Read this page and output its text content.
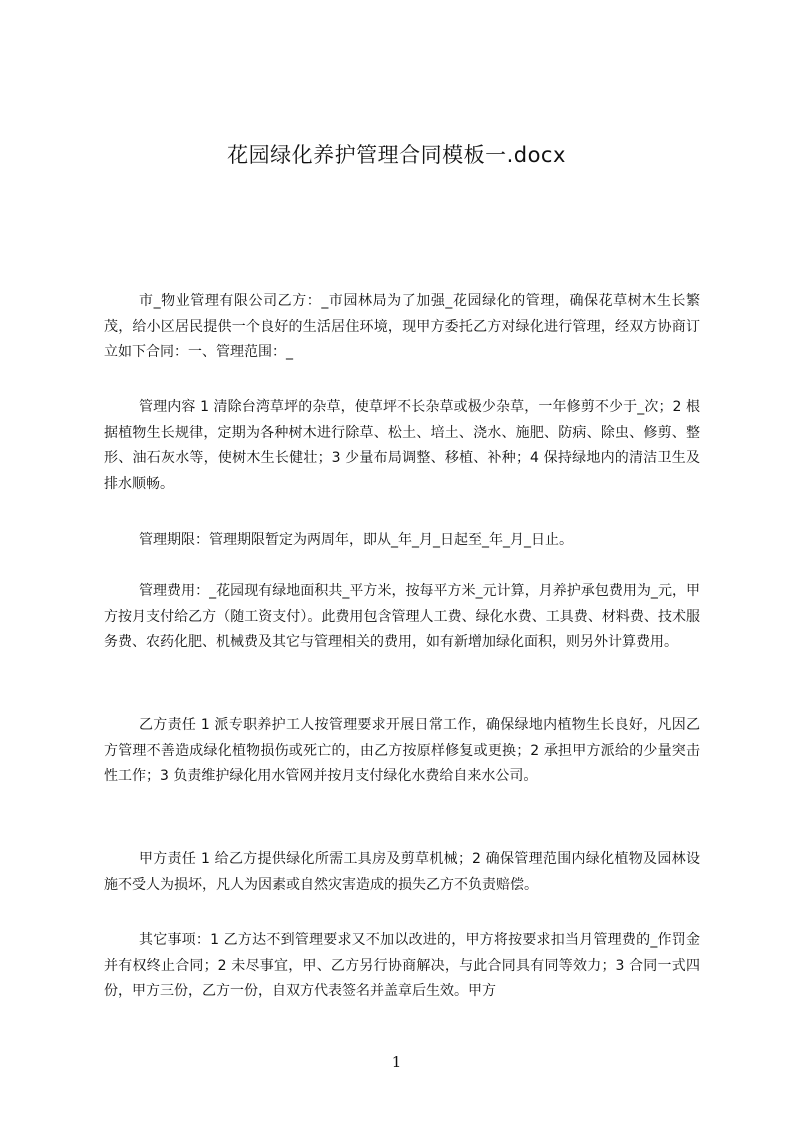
花园绿化养护管理合同模板一.docx

市_物业管理有限公司乙方：_市园林局为了加强_花园绿化的管理，确保花草树木生长繁茂，给小区居民提供一个良好的生活居住环境，现甲方委托乙方对绿化进行管理，经双方协商订立如下合同：一、管理范围：_

管理内容 1 清除台湾草坪的杂草，使草坪不长杂草或极少杂草，一年修剪不少于_次；2 根据植物生长规律，定期为各种树木进行除草、松土、培土、浇水、施肥、防病、除虫、修剪、整形、油石灰水等，使树木生长健壮；3 少量布局调整、移植、补种；4 保持绿地内的清洁卫生及排水顺畅。

管理期限：管理期限暂定为两周年，即从_年_月_日起至_年_月_日止。

管理费用：_花园现有绿地面积共_平方米，按每平方米_元计算，月养护承包费用为_元，甲方按月支付给乙方（随工资支付）。此费用包含管理人工费、绿化水费、工具费、材料费、技术服务费、农药化肥、机械费及其它与管理相关的费用，如有新增加绿化面积，则另外计算费用。

乙方责任 1 派专职养护工人按管理要求开展日常工作，确保绿地内植物生长良好，凡因乙方管理不善造成绿化植物损伤或死亡的，由乙方按原样修复或更换；2 承担甲方派给的少量突击性工作；3 负责维护绿化用水管网并按月支付绿化水费给自来水公司。

甲方责任 1 给乙方提供绿化所需工具房及剪草机械；2 确保管理范围内绿化植物及园林设施不受人为损坏，凡人为因素或自然灾害造成的损失乙方不负责赔偿。

其它事项：1 乙方达不到管理要求又不加以改进的，甲方将按要求扣当月管理费的_作罚金并有权终止合同；2 未尽事宜，甲、乙方另行协商解决，与此合同具有同等效力；3 合同一式四份，甲方三份，乙方一份，自双方代表签名并盖章后生效。甲方

1
